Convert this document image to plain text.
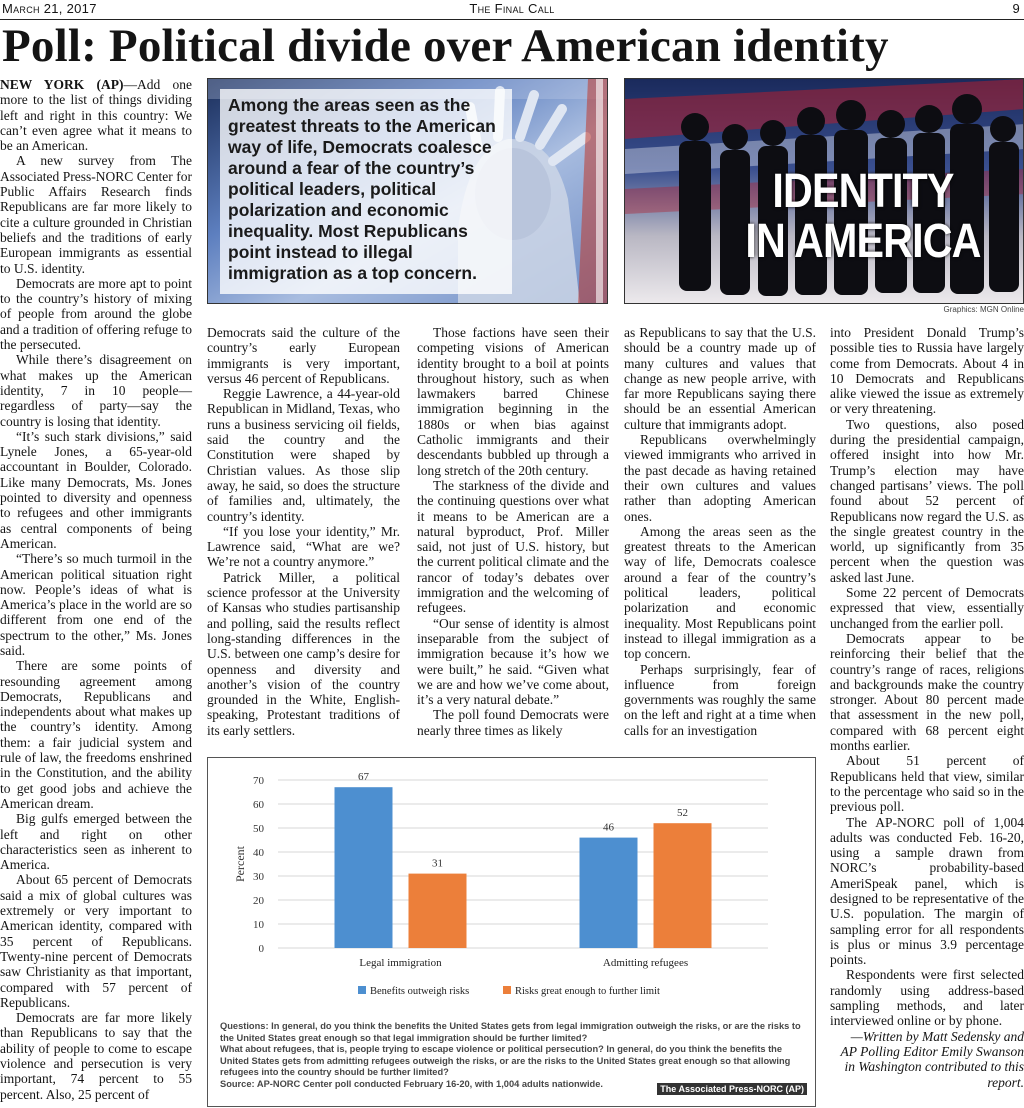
March 21, 2017	The Final Call	9
Poll: Political divide over American identity

NEW YORK (AP)—Add one more to the list of things dividing left and right in this country: We can’t even agree what it means to be an American.

A new survey from The Associated Press-NORC Center for Public Affairs Research finds Republicans are far more likely to cite a culture grounded in Christian beliefs and the traditions of early European immigrants as essential to U.S. identity.

Democrats are more apt to point to the country’s history of mixing of people from around the globe and a tradition of offering refuge to the persecuted.

While there’s disagreement on what makes up the American identity, 7 in 10 people—regardless of party—say the country is losing that identity.

“It’s such stark divisions,” said Lynele Jones, a 65-year-old accountant in Boulder, Colorado. Like many Democrats, Ms. Jones pointed to diversity and openness to refugees and other immigrants as central components of being American.

“There’s so much turmoil in the American political situation right now. People’s ideas of what is America’s place in the world are so different from one end of the spectrum to the other,” Ms. Jones said.

There are some points of resounding agreement among Democrats, Republicans and independents about what makes up the country’s identity. Among them: a fair judicial system and rule of law, the freedoms enshrined in the Constitution, and the ability to get good jobs and achieve the American dream.

Big gulfs emerged between the left and right on other characteristics seen as inherent to America.

About 65 percent of Democrats said a mix of global cultures was extremely or very important to American identity, compared with 35 percent of Republicans. Twenty-nine percent of Democrats saw Christianity as that important, compared with 57 percent of Republicans.

Democrats are far more likely than Republicans to say that the ability of people to come to escape violence and persecution is very important, 74 percent to 55 percent. Also, 25 percent of

Among the areas seen as the greatest threats to the American way of life, Democrats coalesce around a fear of the country’s political leaders, political polarization and economic inequality. Most Republicans point instead to illegal immigration as a top concern.
IDENTITY
IN AMERICA
Graphics: MGN Online

Democrats said the culture of the country’s early European immigrants is very important, versus 46 percent of Republicans.

Reggie Lawrence, a 44-year-old Republican in Midland, Texas, who runs a business servicing oil fields, said the country and the Constitution were shaped by Christian values. As those slip away, he said, so does the structure of families and, ultimately, the country’s identity.

“If you lose your identity,” Mr. Lawrence said, “What are we? We’re not a country anymore.”

Patrick Miller, a political science professor at the University of Kansas who studies partisanship and polling, said the results reflect long-standing differences in the U.S. between one camp’s desire for openness and diversity and another’s vision of the country grounded in the White, English-speaking, Protestant traditions of its early settlers.

Those factions have seen their competing visions of American identity brought to a boil at points throughout history, such as when lawmakers barred Chinese immigration beginning in the 1880s or when bias against Catholic immigrants and their descendants bubbled up through a long stretch of the 20th century.

The starkness of the divide and the continuing questions over what it means to be American are a natural byproduct, Prof. Miller said, not just of U.S. history, but the current political climate and the rancor of today’s debates over immigration and the welcoming of refugees.

“Our sense of identity is almost inseparable from the subject of immigration because it’s how we were built,” he said. “Given what we are and how we’ve come about, it’s a very natural debate.”

The poll found Democrats were nearly three times as likely

as Republicans to say that the U.S. should be a country made up of many cultures and values that change as new people arrive, with far more Republicans saying there should be an essential American culture that immigrants adopt.

Republicans overwhelmingly viewed immigrants who arrived in the past decade as having retained their own cultures and values rather than adopting American ones.

Among the areas seen as the greatest threats to the American way of life, Democrats coalesce around a fear of the country’s political leaders, political polarization and economic inequality. Most Republicans point instead to illegal immigration as a top concern.

Perhaps surprisingly, fear of influence from foreign governments was roughly the same on the left and right at a time when calls for an investigation

into President Donald Trump’s possible ties to Russia have largely come from Democrats. About 4 in 10 Democrats and Republicans alike viewed the issue as extremely or very threatening.

Two questions, also posed during the presidential campaign, offered insight into how Mr. Trump’s election may have changed partisans’ views. The poll found about 52 percent of Republicans now regard the U.S. as the single greatest country in the world, up significantly from 35 percent when the question was asked last June.

Some 22 percent of Democrats expressed that view, essentially unchanged from the earlier poll.

Democrats appear to be reinforcing their belief that the country’s range of races, religions and backgrounds make the country stronger. About 80 percent made that assessment in the new poll, compared with 68 percent eight months earlier.

About 51 percent of Republicans held that view, similar to the percentage who said so in the previous poll.

The AP-NORC poll of 1,004 adults was conducted Feb. 16-20, using a sample drawn from NORC’s probability-based AmeriSpeak panel, which is designed to be representative of the U.S. population. The margin of sampling error for all respondents is plus or minus 3.9 percentage points.

Respondents were first selected randomly using address-based sampling methods, and later interviewed online or by phone.

—Written by Matt Sedensky and AP Polling Editor Emily Swanson in Washington contributed to this report.

0
10
20
30
40
50
60
70
Percent
67
31
Legal immigration
46
52
Admitting refugees
Benefits outweigh risks	Risks great enough to further limit
Questions: In general, do you think the benefits the United States gets from legal immigration outweigh the risks, or are the risks to the United States great enough so that legal immigration should be further limited?
What about refugees, that is, people trying to escape violence or political persecution? In general, do you think the benefits the United States gets from admitting refugees outweigh the risks, or are the risks to the United States great enough so that allowing refugees into the country should be further limited?
Source: AP-NORC Center poll conducted February 16-20, with 1,004 adults nationwide.
The Associated Press-NORC (AP)
